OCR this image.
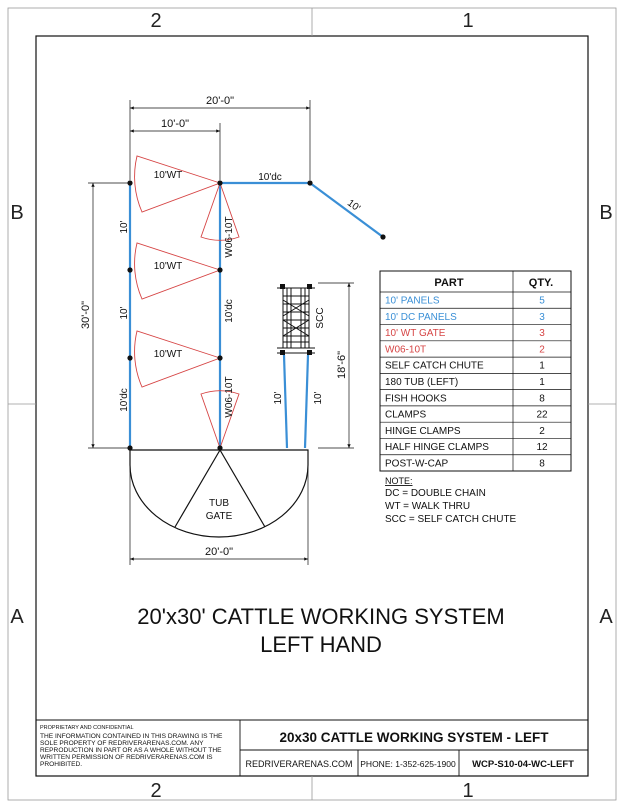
2	1
2	1
B
A
B
A
20'-0"
10'-0"
30'-0"
18'-6"
20'-0"
10'WT
10'WT
10'WT
10'dc
10'
W06-10T
W06-10T
10'
10'
10'dc
10'dc
10'	10'
SCC
TUB
GATE
PART	QTY.
10' PANELS	5
10' DC PANELS	3
10' WT GATE	3
W06-10T	2
SELF CATCH CHUTE	1
180 TUB (LEFT)	1
FISH HOOKS	8
CLAMPS	22
HINGE CLAMPS	2
HALF HINGE CLAMPS	12
POST-W-CAP	8
NOTE:
DC = DOUBLE CHAIN
WT = WALK THRU
SCC = SELF CATCH CHUTE
20'x30' CATTLE WORKING SYSTEM
LEFT HAND
PROPRIETARY AND CONFIDENTIAL
THE INFORMATION CONTAINED IN THIS DRAWING IS THE
SOLE PROPERTY OF REDRIVERARENAS.COM. ANY
REPRODUCTION IN PART OR AS A WHOLE WITHOUT THE
WRITTEN PERMISSION OF REDRIVERARENAS.COM IS
PROHIBITED.
20x30 CATTLE WORKING SYSTEM - LEFT
REDRIVERARENAS.COM PHONE: 1-352-625-1900 WCP-S10-04-WC-LEFT
